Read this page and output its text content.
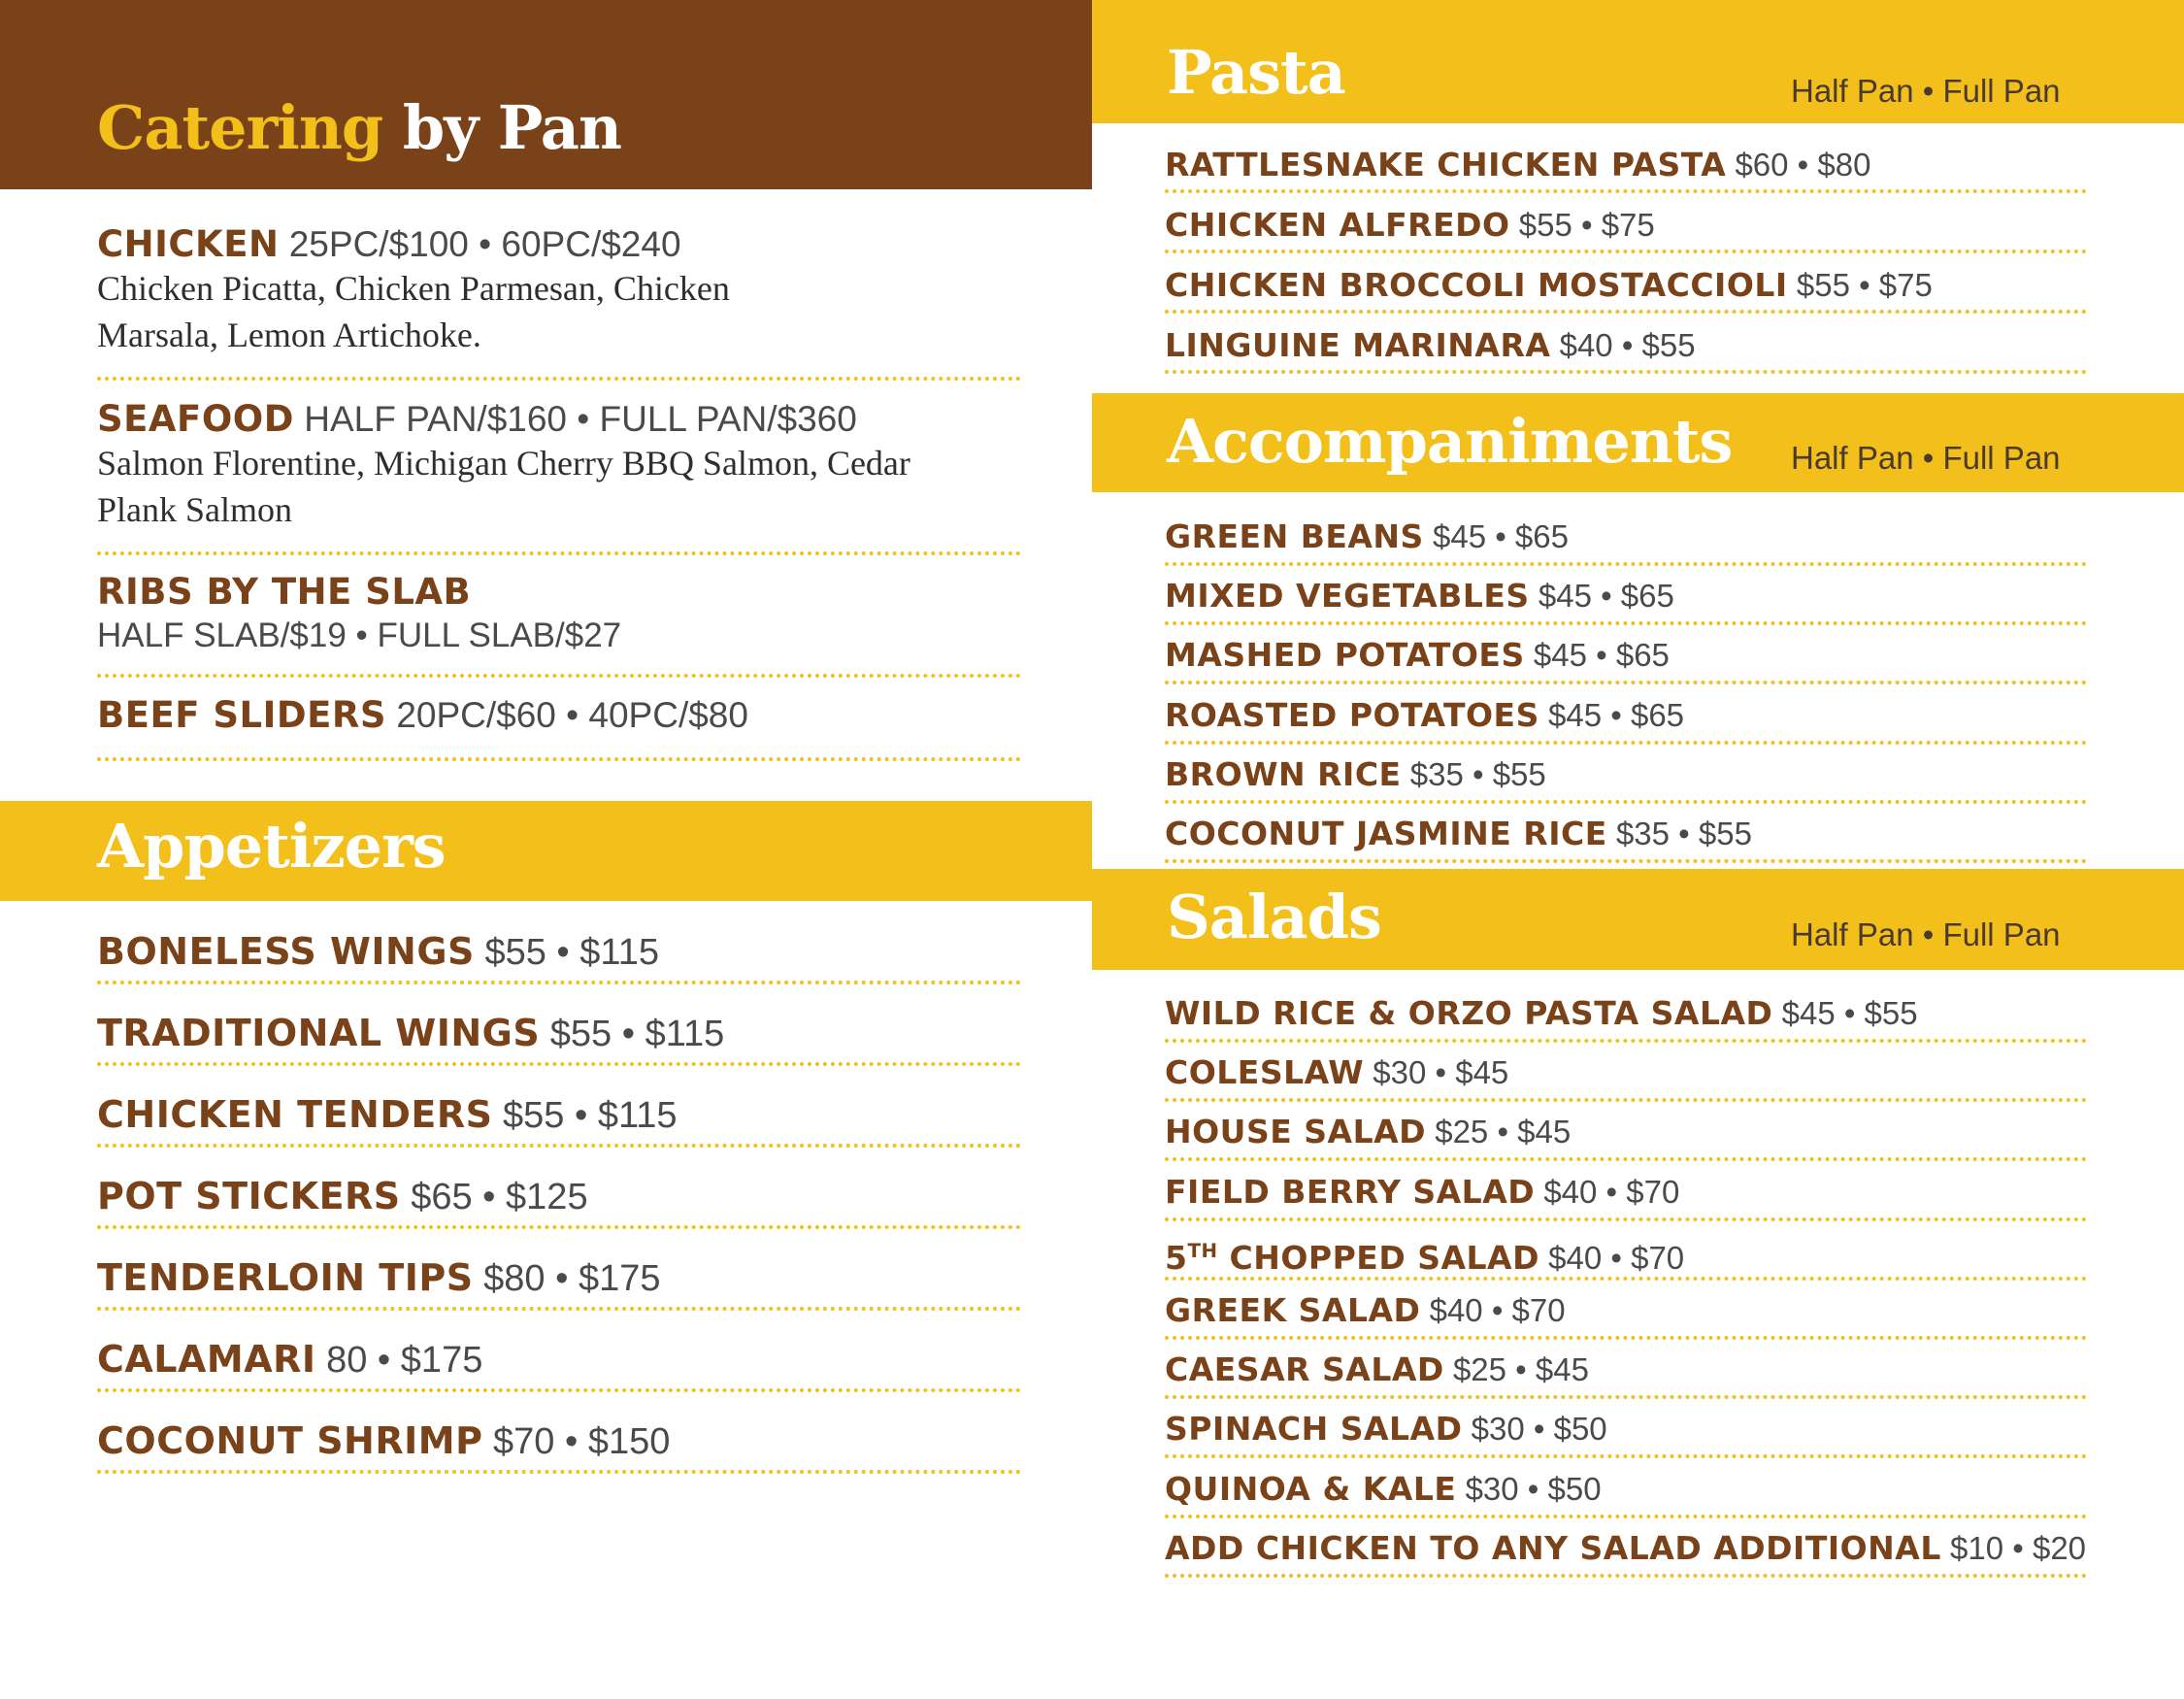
Catering by Pan
CHICKEN 25PC/$100 • 60PC/$240
Chicken Picatta, Chicken Parmesan, Chicken Marsala, Lemon Artichoke.
SEAFOOD HALF PAN/$160 • FULL PAN/$360
Salmon Florentine, Michigan Cherry BBQ Salmon, Cedar Plank Salmon
RIBS BY THE SLAB
HALF SLAB/$19 • FULL SLAB/$27
BEEF SLIDERS 20PC/$60 • 40PC/$80
Appetizers
BONELESS WINGS $55 • $115
TRADITIONAL WINGS $55 • $115
CHICKEN TENDERS $55 • $115
POT STICKERS $65 • $125
TENDERLOIN TIPS $80 • $175
CALAMARI 80 • $175
COCONUT SHRIMP $70 • $150
Pasta	Half Pan • Full Pan
RATTLESNAKE CHICKEN PASTA $60 • $80
CHICKEN ALFREDO $55 • $75
CHICKEN BROCCOLI MOSTACCIOLI $55 • $75
LINGUINE MARINARA $40 • $55
Accompaniments Half Pan • Full Pan
GREEN BEANS $45 • $65
MIXED VEGETABLES $45 • $65
MASHED POTATOES $45 • $65
ROASTED POTATOES $45 • $65
BROWN RICE $35 • $55
COCONUT JASMINE RICE $35 • $55
Salads	Half Pan • Full Pan
WILD RICE & ORZO PASTA SALAD $45 • $55
COLESLAW $30 • $45
HOUSE SALAD $25 • $45
FIELD BERRY SALAD $40 • $70
5TH CHOPPED SALAD $40 • $70
GREEK SALAD $40 • $70
CAESAR SALAD $25 • $45
SPINACH SALAD $30 • $50
QUINOA & KALE $30 • $50
ADD CHICKEN TO ANY SALAD ADDITIONAL $10 • $20
